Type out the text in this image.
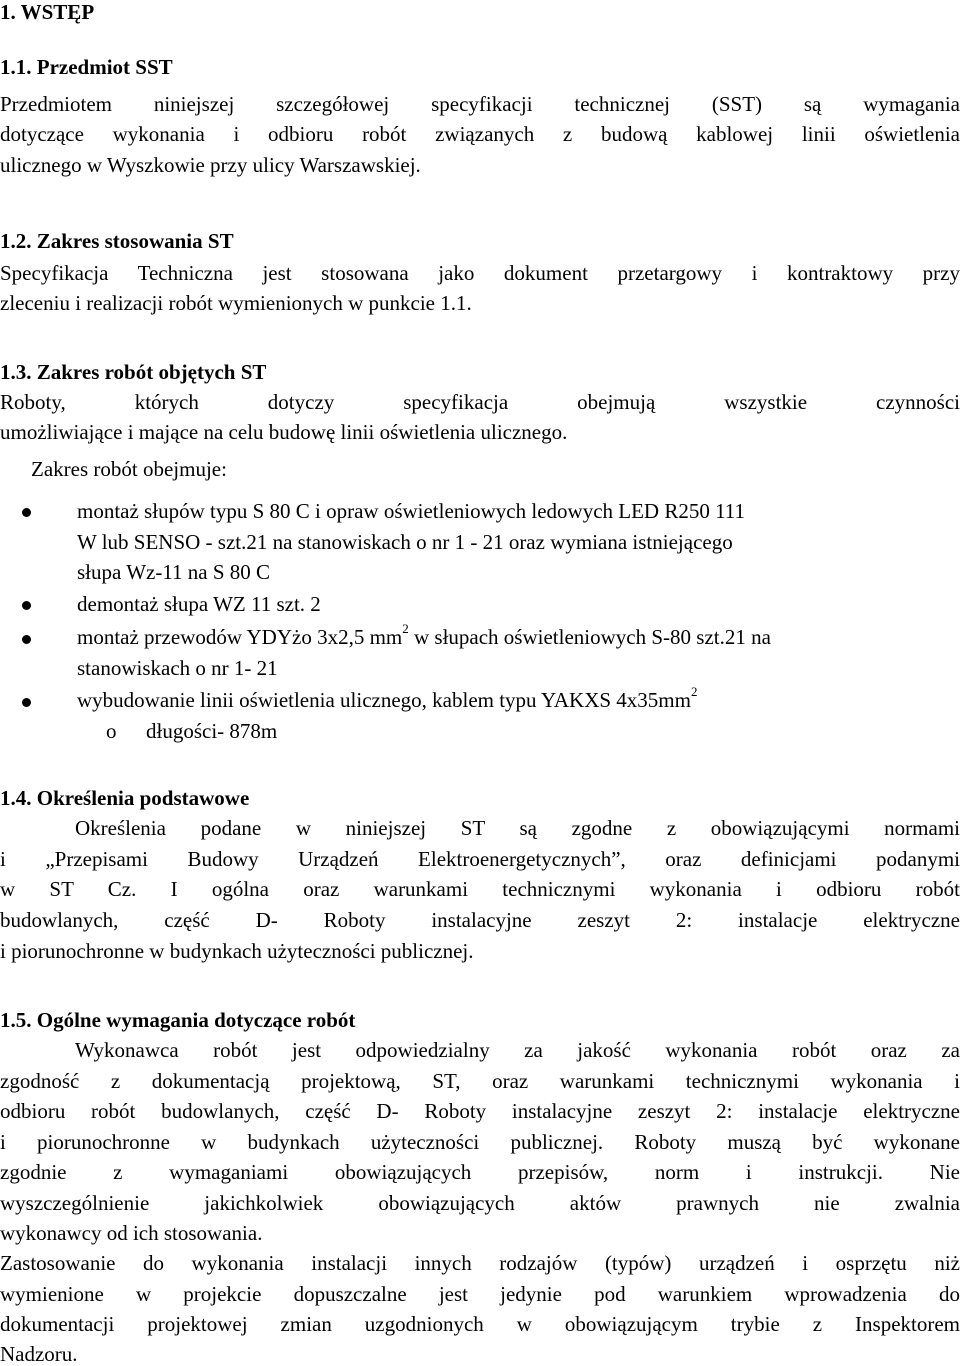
1. WSTĘP
1.1. Przedmiot SST
Przedmiotem niniejszej szczegółowej specyfikacji technicznej (SST) są wymagania
dotyczące wykonania i odbioru robót związanych z budową kablowej linii oświetlenia
ulicznego w Wyszkowie przy ulicy Warszawskiej.
1.2. Zakres stosowania ST
Specyfikacja Techniczna jest stosowana jako dokument przetargowy i kontraktowy przy
zleceniu i realizacji robót wymienionych w punkcie 1.1.
1.3. Zakres robót objętych ST
Roboty, których dotyczy specyfikacja obejmują wszystkie czynności
umożliwiające i mające na celu budowę linii oświetlenia ulicznego.
Zakres robót obejmuje:
montaż słupów typu S 80 C i opraw oświetleniowych ledowych LED R250 111
W lub SENSO - szt.21 na stanowiskach o nr 1 - 21 oraz wymiana istniejącego
słupa Wz-11 na S 80 C
demontaż słupa WZ 11 szt. 2
montaż przewodów YDYżo 3x2,5 $mm^2$ w słupach oświetleniowych S-80 szt.21 na
stanowiskach o nr 1- 21
wybudowanie linii oświetlenia ulicznego, kablem typu YAKXS $4x35mm^2$
o	długości- 878m
1.4. Określenia podstawowe
Określenia podane w niniejszej ST są zgodne z obowiązującymi normami
i „Przepisami Budowy Urządzeń Elektroenergetycznych”, oraz definicjami podanymi
w ST Cz. I ogólna oraz warunkami technicznymi wykonania i odbioru robót
budowlanych, część D- Roboty instalacyjne zeszyt 2: instalacje elektryczne
i piorunochronne w budynkach użyteczności publicznej.
1.5. Ogólne wymagania dotyczące robót
Wykonawca robót jest odpowiedzialny za jakość wykonania robót oraz za
zgodność z dokumentacją projektową, ST, oraz warunkami technicznymi wykonania i
odbioru robót budowlanych, część D- Roboty instalacyjne zeszyt 2: instalacje elektryczne
i piorunochronne w budynkach użyteczności publicznej. Roboty muszą być wykonane
zgodnie z wymaganiami obowiązujących przepisów, norm i instrukcji. Nie
wyszczególnienie jakichkolwiek obowiązujących aktów prawnych nie zwalnia
wykonawcy od ich stosowania.
Zastosowanie do wykonania instalacji innych rodzajów (typów) urządzeń i osprzętu niż
wymienione w projekcie dopuszczalne jest jedynie pod warunkiem wprowadzenia do
dokumentacji projektowej zmian uzgodnionych w obowiązującym trybie z Inspektorem
Nadzoru.
